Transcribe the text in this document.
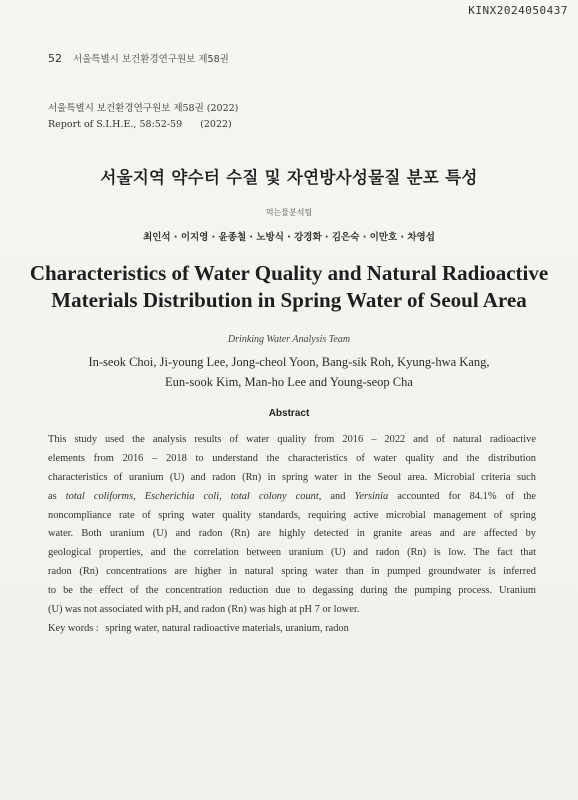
KINX2024050437
52 서울특별시 보건환경연구원보 제58권
서울특별시 보건환경연구원보 제58권 (2022)
Report of S.I.H.E., 58:52-59 (2022)
서울지역 약수터 수질 및 자연방사성물질 분포 특성
먹는물분석팀
최인석 · 이지영 · 윤종철 · 노방식 · 강경화 · 김은숙 · 이만호 · 차영섭
Characteristics of Water Quality and Natural Radioactive
Materials Distribution in Spring Water of Seoul Area
Drinking Water Analysis Team
In-seok Choi, Ji-young Lee, Jong-cheol Yoon, Bang-sik Roh, Kyung-hwa Kang,
Eun-sook Kim, Man-ho Lee and Young-seop Cha
Abstract
This study used the analysis results of water quality from 2016 – 2022 and of natural radioactive
elements from 2016 – 2018 to understand the characteristics of water quality and the distribution
characteristics of uranium (U) and radon (Rn) in spring water in the Seoul area. Microbial criteria such
as total coliforms, Escherichia coli, total colony count, and Yersinia accounted for 84.1% of the
noncompliance rate of spring water quality standards, requiring active microbial management of spring
water. Both uranium (U) and radon (Rn) are highly detected in granite areas and are affected by
geological properties, and the correlation between uranium (U) and radon (Rn) is low. The fact that
radon (Rn) concentrations are higher in natural spring water than in pumped groundwater is inferred
to be the effect of the concentration reduction due to degassing during the pumping process. Uranium
(U) was not associated with pH, and radon (Rn) was high at pH 7 or lower.
Key words : spring water, natural radioactive materials, uranium, radon
